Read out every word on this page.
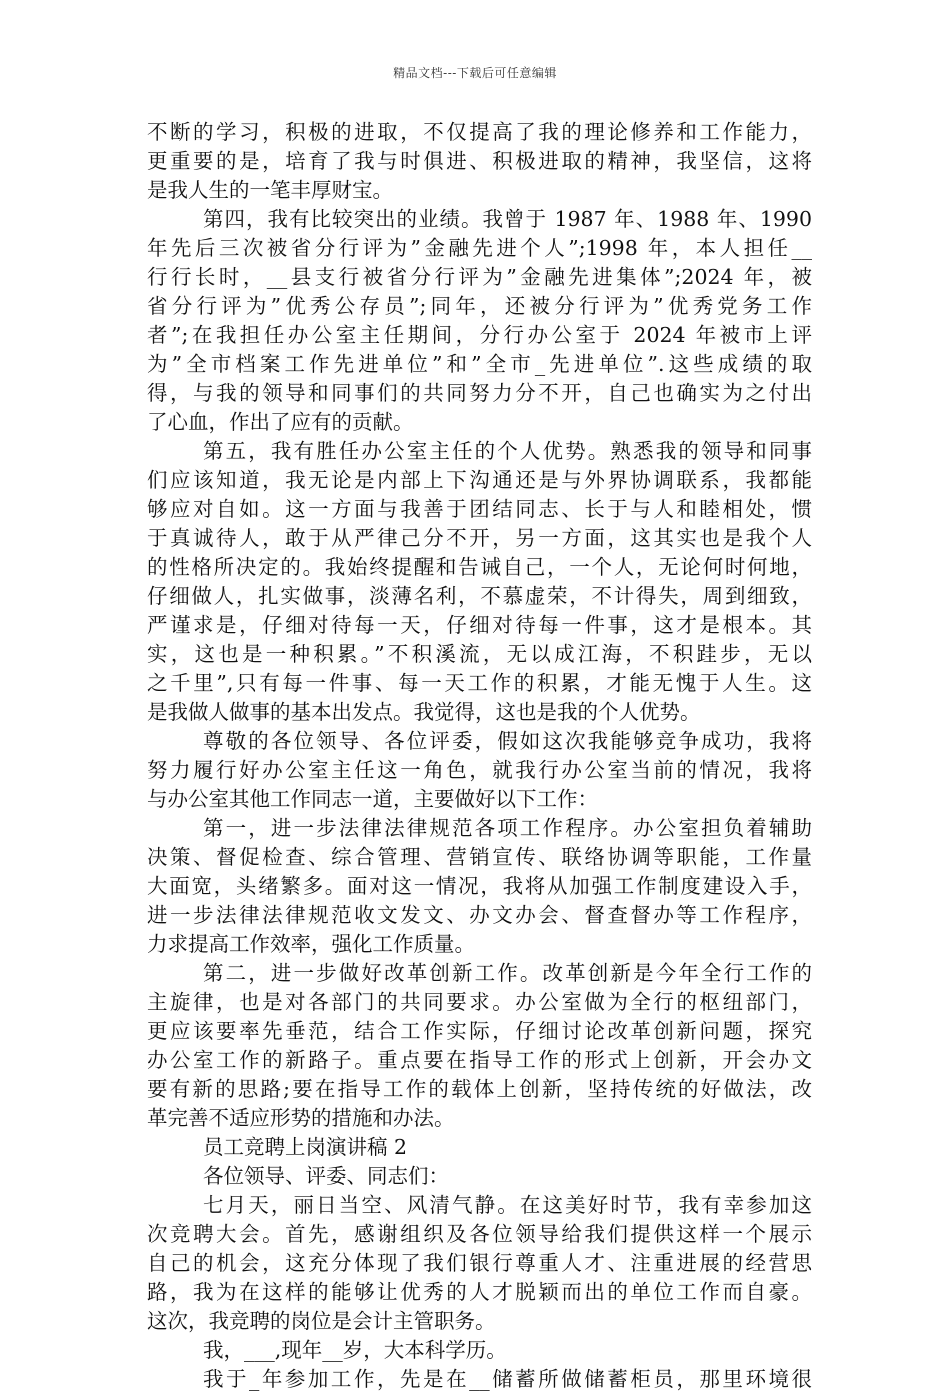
精品文档---下载后可任意编辑
不断的学习，积极的进取，不仅提高了我的理论修养和工作能力，
更重要的是，培育了我与时俱进、积极进取的精神，我坚信，这将
是我人生的一笔丰厚财宝。
第四，我有比较突出的业绩。我曾于 1987 年、1988 年、1990
年先后三次被省分行评为”金融先进个人”;1998 年，本人担任__
行行长时，__县支行被省分行评为”金融先进集体”;2024 年，被
省分行评为”优秀公存员”;同年，还被分行评为”优秀党务工作
者”;在我担任办公室主任期间，分行办公室于 2024 年被市上评
为”全市档案工作先进单位”和”全市_先进单位”.这些成绩的取
得，与我的领导和同事们的共同努力分不开，自己也确实为之付出
了心血，作出了应有的贡献。
第五，我有胜任办公室主任的个人优势。熟悉我的领导和同事
们应该知道，我无论是内部上下沟通还是与外界协调联系，我都能
够应对自如。这一方面与我善于团结同志、长于与人和睦相处，惯
于真诚待人，敢于从严律己分不开，另一方面，这其实也是我个人
的性格所决定的。我始终提醒和告诫自己，一个人，无论何时何地，
仔细做人，扎实做事，淡薄名利，不慕虚荣，不计得失，周到细致，
严谨求是，仔细对待每一天，仔细对待每一件事，这才是根本。其
实，这也是一种积累。”不积溪流，无以成江海，不积跬步，无以
之千里”,只有每一件事、每一天工作的积累，才能无愧于人生。这
是我做人做事的基本出发点。我觉得，这也是我的个人优势。
尊敬的各位领导、各位评委，假如这次我能够竞争成功，我将
努力履行好办公室主任这一角色，就我行办公室当前的情况，我将
与办公室其他工作同志一道，主要做好以下工作：
第一，进一步法律法律规范各项工作程序。办公室担负着辅助
决策、督促检查、综合管理、营销宣传、联络协调等职能，工作量
大面宽，头绪繁多。面对这一情况，我将从加强工作制度建设入手，
进一步法律法律规范收文发文、办文办会、督查督办等工作程序，
力求提高工作效率，强化工作质量。
第二，进一步做好改革创新工作。改革创新是今年全行工作的
主旋律，也是对各部门的共同要求。办公室做为全行的枢纽部门，
更应该要率先垂范，结合工作实际，仔细讨论改革创新问题，探究
办公室工作的新路子。重点要在指导工作的形式上创新，开会办文
要有新的思路;要在指导工作的载体上创新，坚持传统的好做法，改
革完善不适应形势的措施和办法。
员工竞聘上岗演讲稿 2
各位领导、评委、同志们：
七月天，丽日当空、风清气静。在这美好时节，我有幸参加这
次竞聘大会。首先，感谢组织及各位领导给我们提供这样一个展示
自己的机会，这充分体现了我们银行尊重人才、注重进展的经营思
路，我为在这样的能够让优秀的人才脱颖而出的单位工作而自豪。
这次，我竞聘的岗位是会计主管职务。
我，___,现年__岁，大本科学历。
我于_年参加工作，先是在__储蓄所做储蓄柜员，那里环境很
